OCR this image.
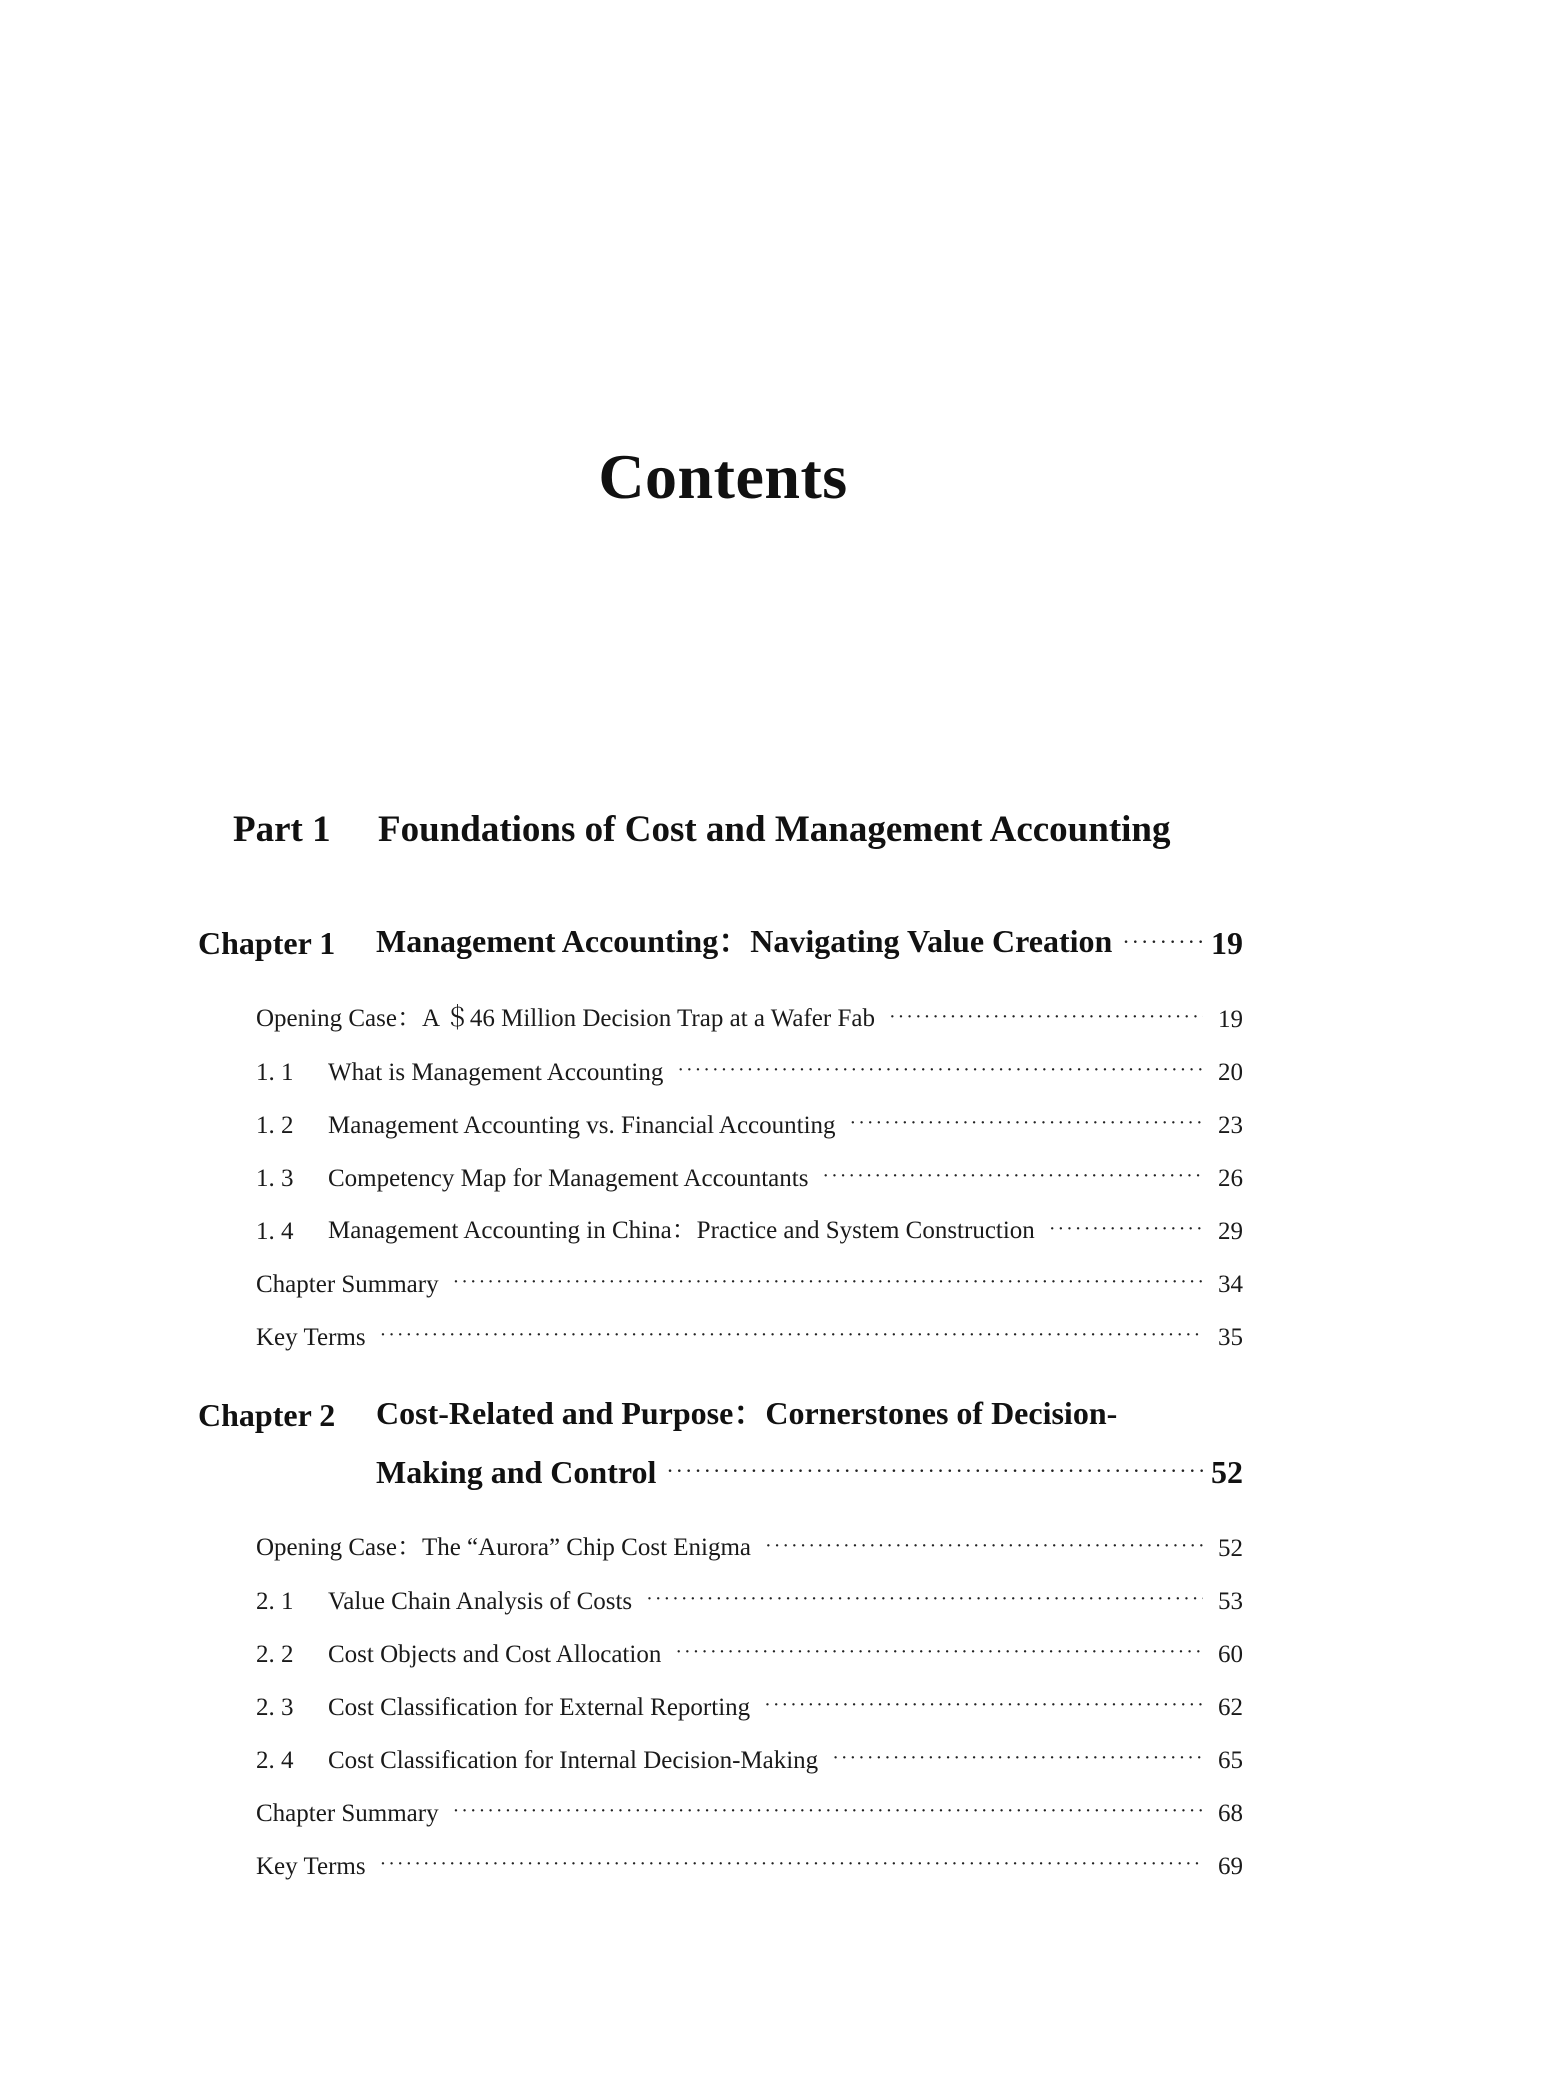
Contents
Part 1 Foundations of Cost and Management Accounting
Chapter 1	Management Accounting：Navigating Value Creation ·····	19
Opening Case：A ＄46 Million Decision Trap at a Wafer Fab ·····	19
1. 1	What is Management Accounting ·····	20
1. 2	Management Accounting vs. Financial Accounting ·····	23
1. 3	Competency Map for Management Accountants ·····	26
1. 4	Management Accounting in China：Practice and System Construction ·····	29
Chapter Summary ·····	34
Key Terms ·····	35
Chapter 2	Cost-Related and Purpose：Cornerstones of Decision-
Making and Control ·····	52
Opening Case：The “Aurora” Chip Cost Enigma ·····	52
2. 1	Value Chain Analysis of Costs ·····	53
2. 2	Cost Objects and Cost Allocation ·····	60
2. 3	Cost Classification for External Reporting ·····	62
2. 4	Cost Classification for Internal Decision-Making ·····	65
Chapter Summary ·····	68
Key Terms ·····	69
